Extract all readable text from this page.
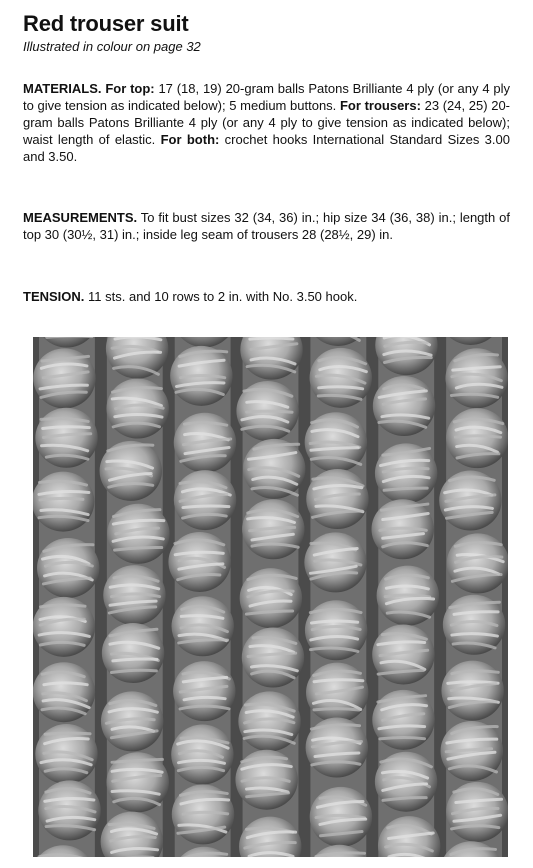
Red trouser suit
Illustrated in colour on page 32
MATERIALS. For top: 17 (18, 19) 20-gram balls Patons Brilliante 4 ply (or any 4 ply to give tension as indicated below); 5 medium buttons. For trousers: 23 (24, 25) 20-gram balls Patons Brilliante 4 ply (or any 4 ply to give tension as indicated below); waist length of elastic. For both: crochet hooks International Standard Sizes 3.00 and 3.50.
MEASUREMENTS. To fit bust sizes 32 (34, 36) in.; hip size 34 (36, 38) in.; length of top 30 (30½, 31) in.; inside leg seam of trousers 28 (28½, 29) in.
TENSION. 11 sts. and 10 rows to 2 in. with No. 3.50 hook.
